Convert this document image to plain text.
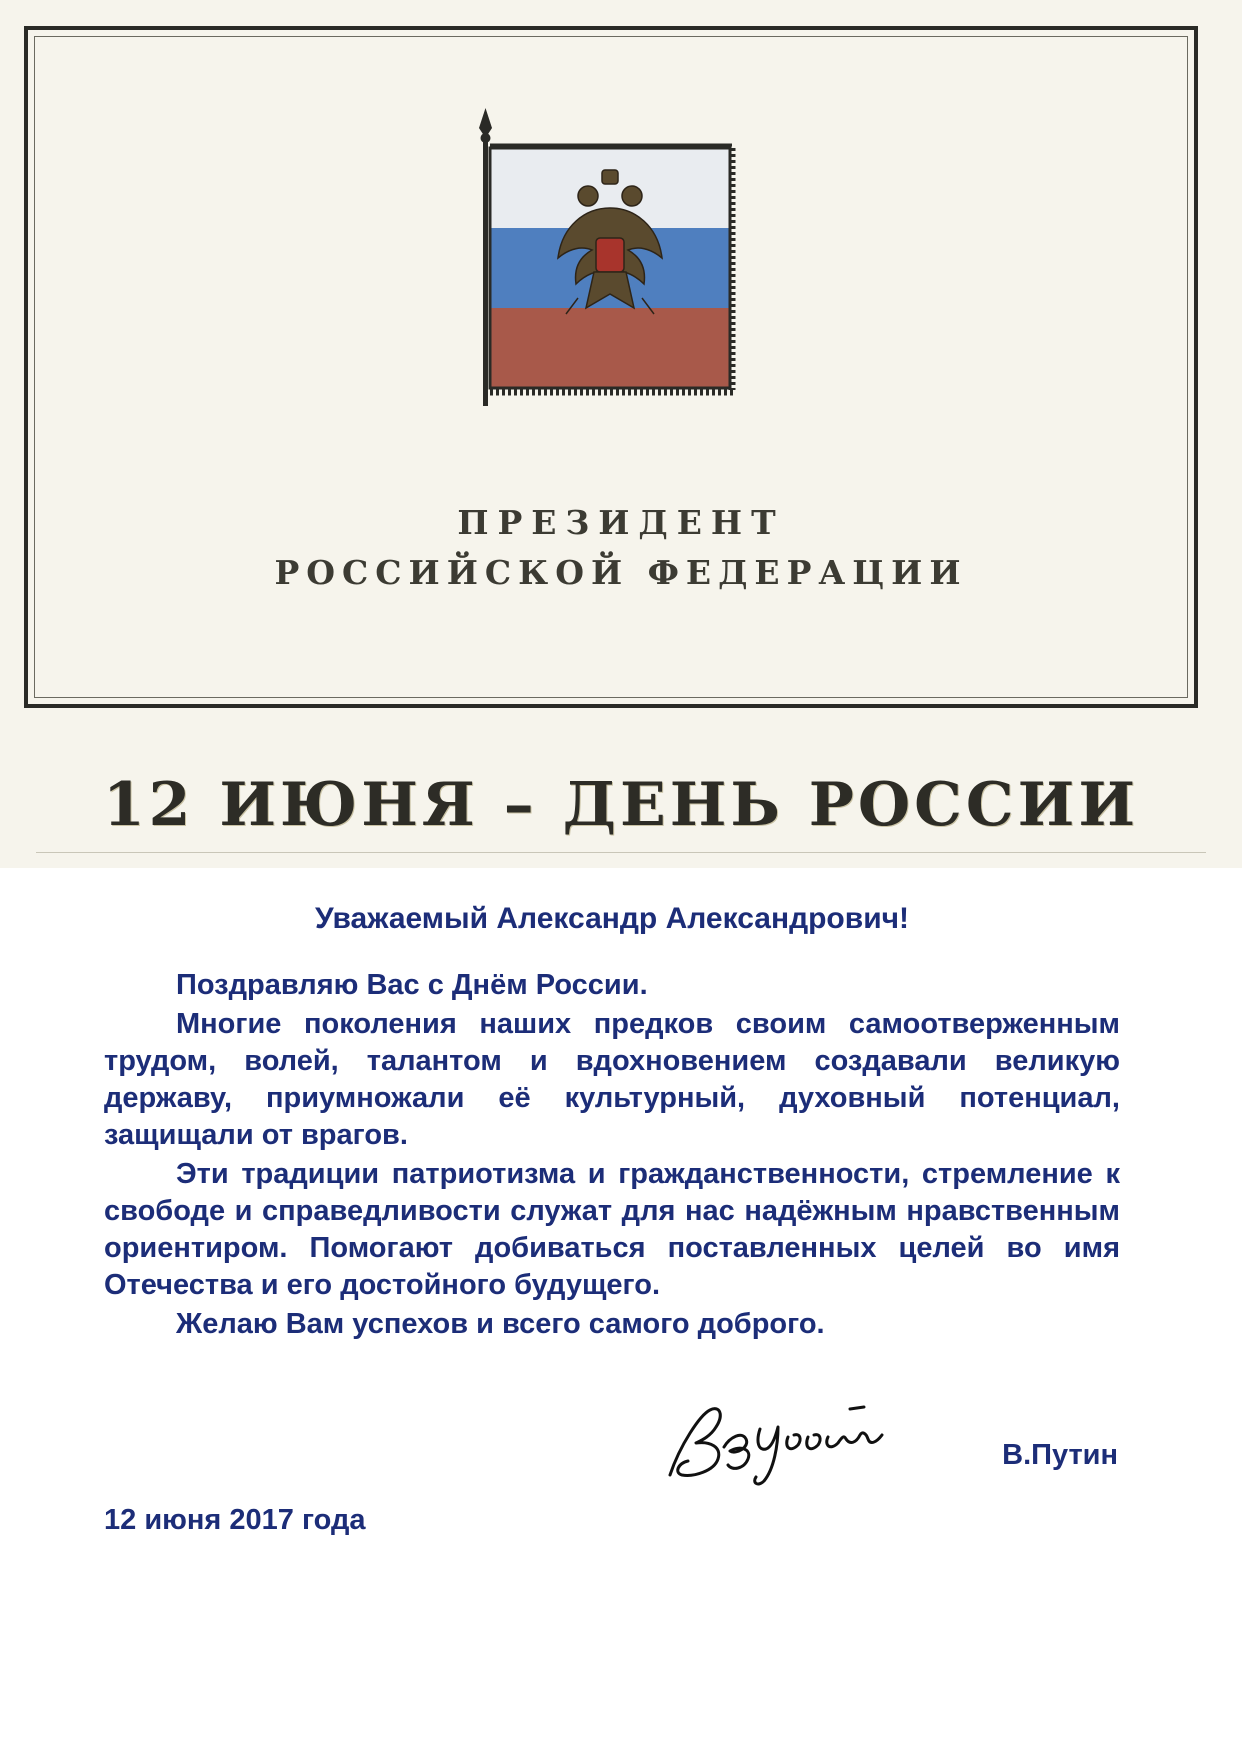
ПРЕЗИДЕНТ
РОССИЙСКОЙ ФЕДЕРАЦИИ
12 ИЮНЯ – ДЕНЬ РОССИИ
Уважаемый Александр Александрович!

Поздравляю Вас с Днём России.

Многие поколения наших предков своим самоотверженным трудом, волей, талантом и вдохновением создавали великую державу, приумножали её культурный, духовный потенциал, защищали от врагов.

Эти традиции патриотизма и гражданственности, стремление к свободе и справедливости служат для нас надёжным нравственным ориентиром. Помогают добиваться поставленных целей во имя Отечества и его достойного будущего.

Желаю Вам успехов и всего самого доброго.

В.Путин
12 июня 2017 года
